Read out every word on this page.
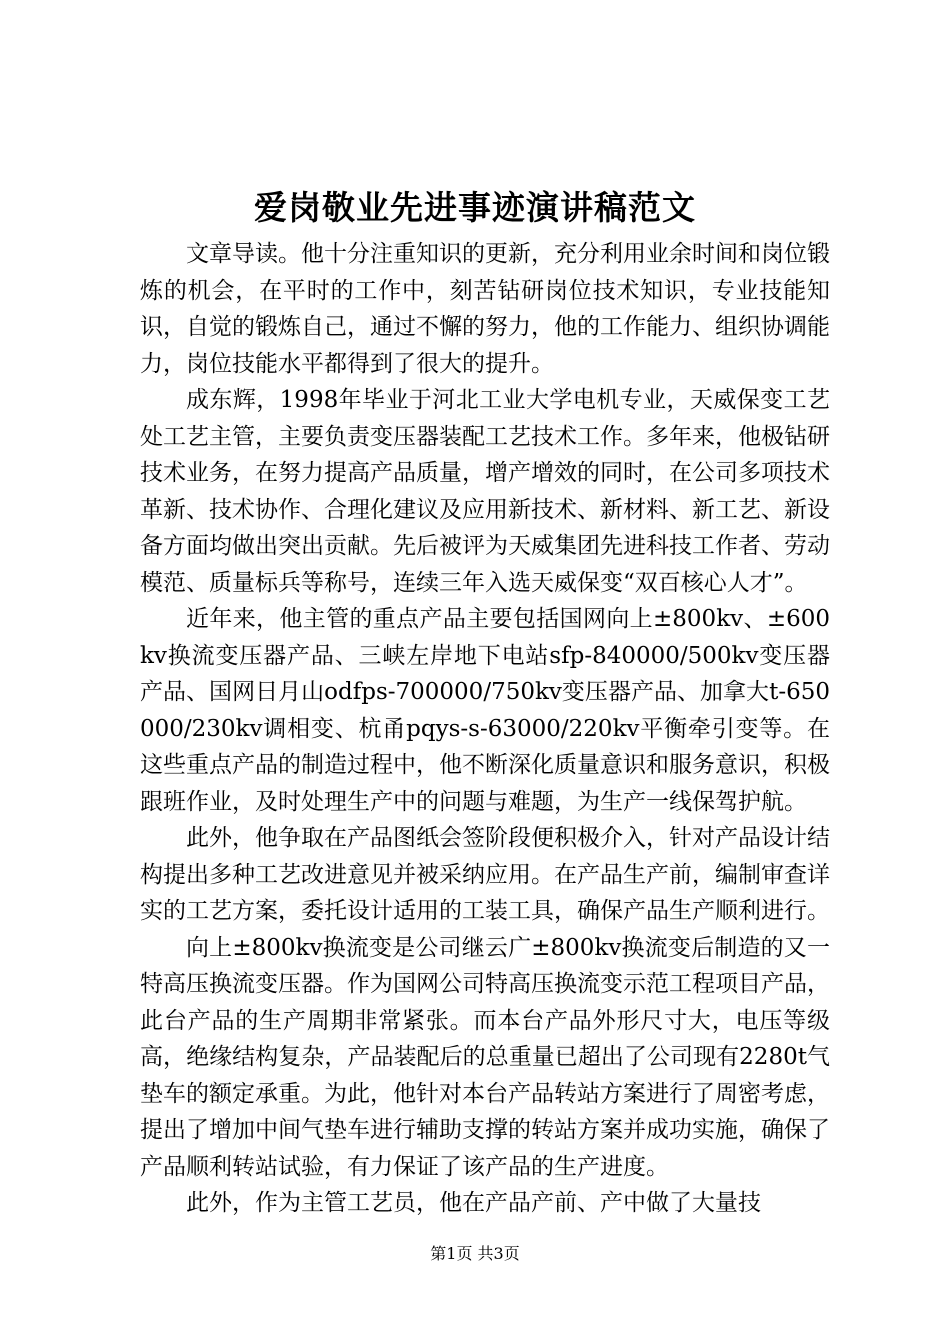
爱岗敬业先进事迹演讲稿范文

文章导读。他十分注重知识的更新，充分利用业余时间和岗位锻炼的机会，在平时的工作中，刻苦钻研岗位技术知识，专业技能知识，自觉的锻炼自己，通过不懈的努力，他的工作能力、组织协调能力，岗位技能水平都得到了很大的提升。

成东辉，1998年毕业于河北工业大学电机专业，天威保变工艺处工艺主管，主要负责变压器装配工艺技术工作。多年来，他极钻研技术业务，在努力提高产品质量，增产增效的同时，在公司多项技术革新、技术协作、合理化建议及应用新技术、新材料、新工艺、新设备方面均做出突出贡献。先后被评为天威集团先进科技工作者、劳动模范、质量标兵等称号，连续三年入选天威保变“双百核心人才”。

近年来，他主管的重点产品主要包括国网向上±800kv、±600kv换流变压器产品、三峡左岸地下电站sfp-840000/500kv变压器产品、国网日月山odfps-700000/750kv变压器产品、加拿大t-650000/230kv调相变、杭甬pqys-s-63000/220kv平衡牵引变等。在这些重点产品的制造过程中，他不断深化质量意识和服务意识，积极跟班作业，及时处理生产中的问题与难题，为生产一线保驾护航。

此外，他争取在产品图纸会签阶段便积极介入，针对产品设计结构提出多种工艺改进意见并被采纳应用。在产品生产前，编制审查详实的工艺方案，委托设计适用的工装工具，确保产品生产顺利进行。

向上±800kv换流变是公司继云广±800kv换流变后制造的又一特高压换流变压器。作为国网公司特高压换流变示范工程项目产品，此台产品的生产周期非常紧张。而本台产品外形尺寸大，电压等级高，绝缘结构复杂，产品装配后的总重量已超出了公司现有2280t气垫车的额定承重。为此，他针对本台产品转站方案进行了周密考虑，提出了增加中间气垫车进行辅助支撑的转站方案并成功实施，确保了产品顺利转站试验，有力保证了该产品的生产进度。

此外，作为主管工艺员，他在产品产前、产中做了大量技

第1页 共3页
